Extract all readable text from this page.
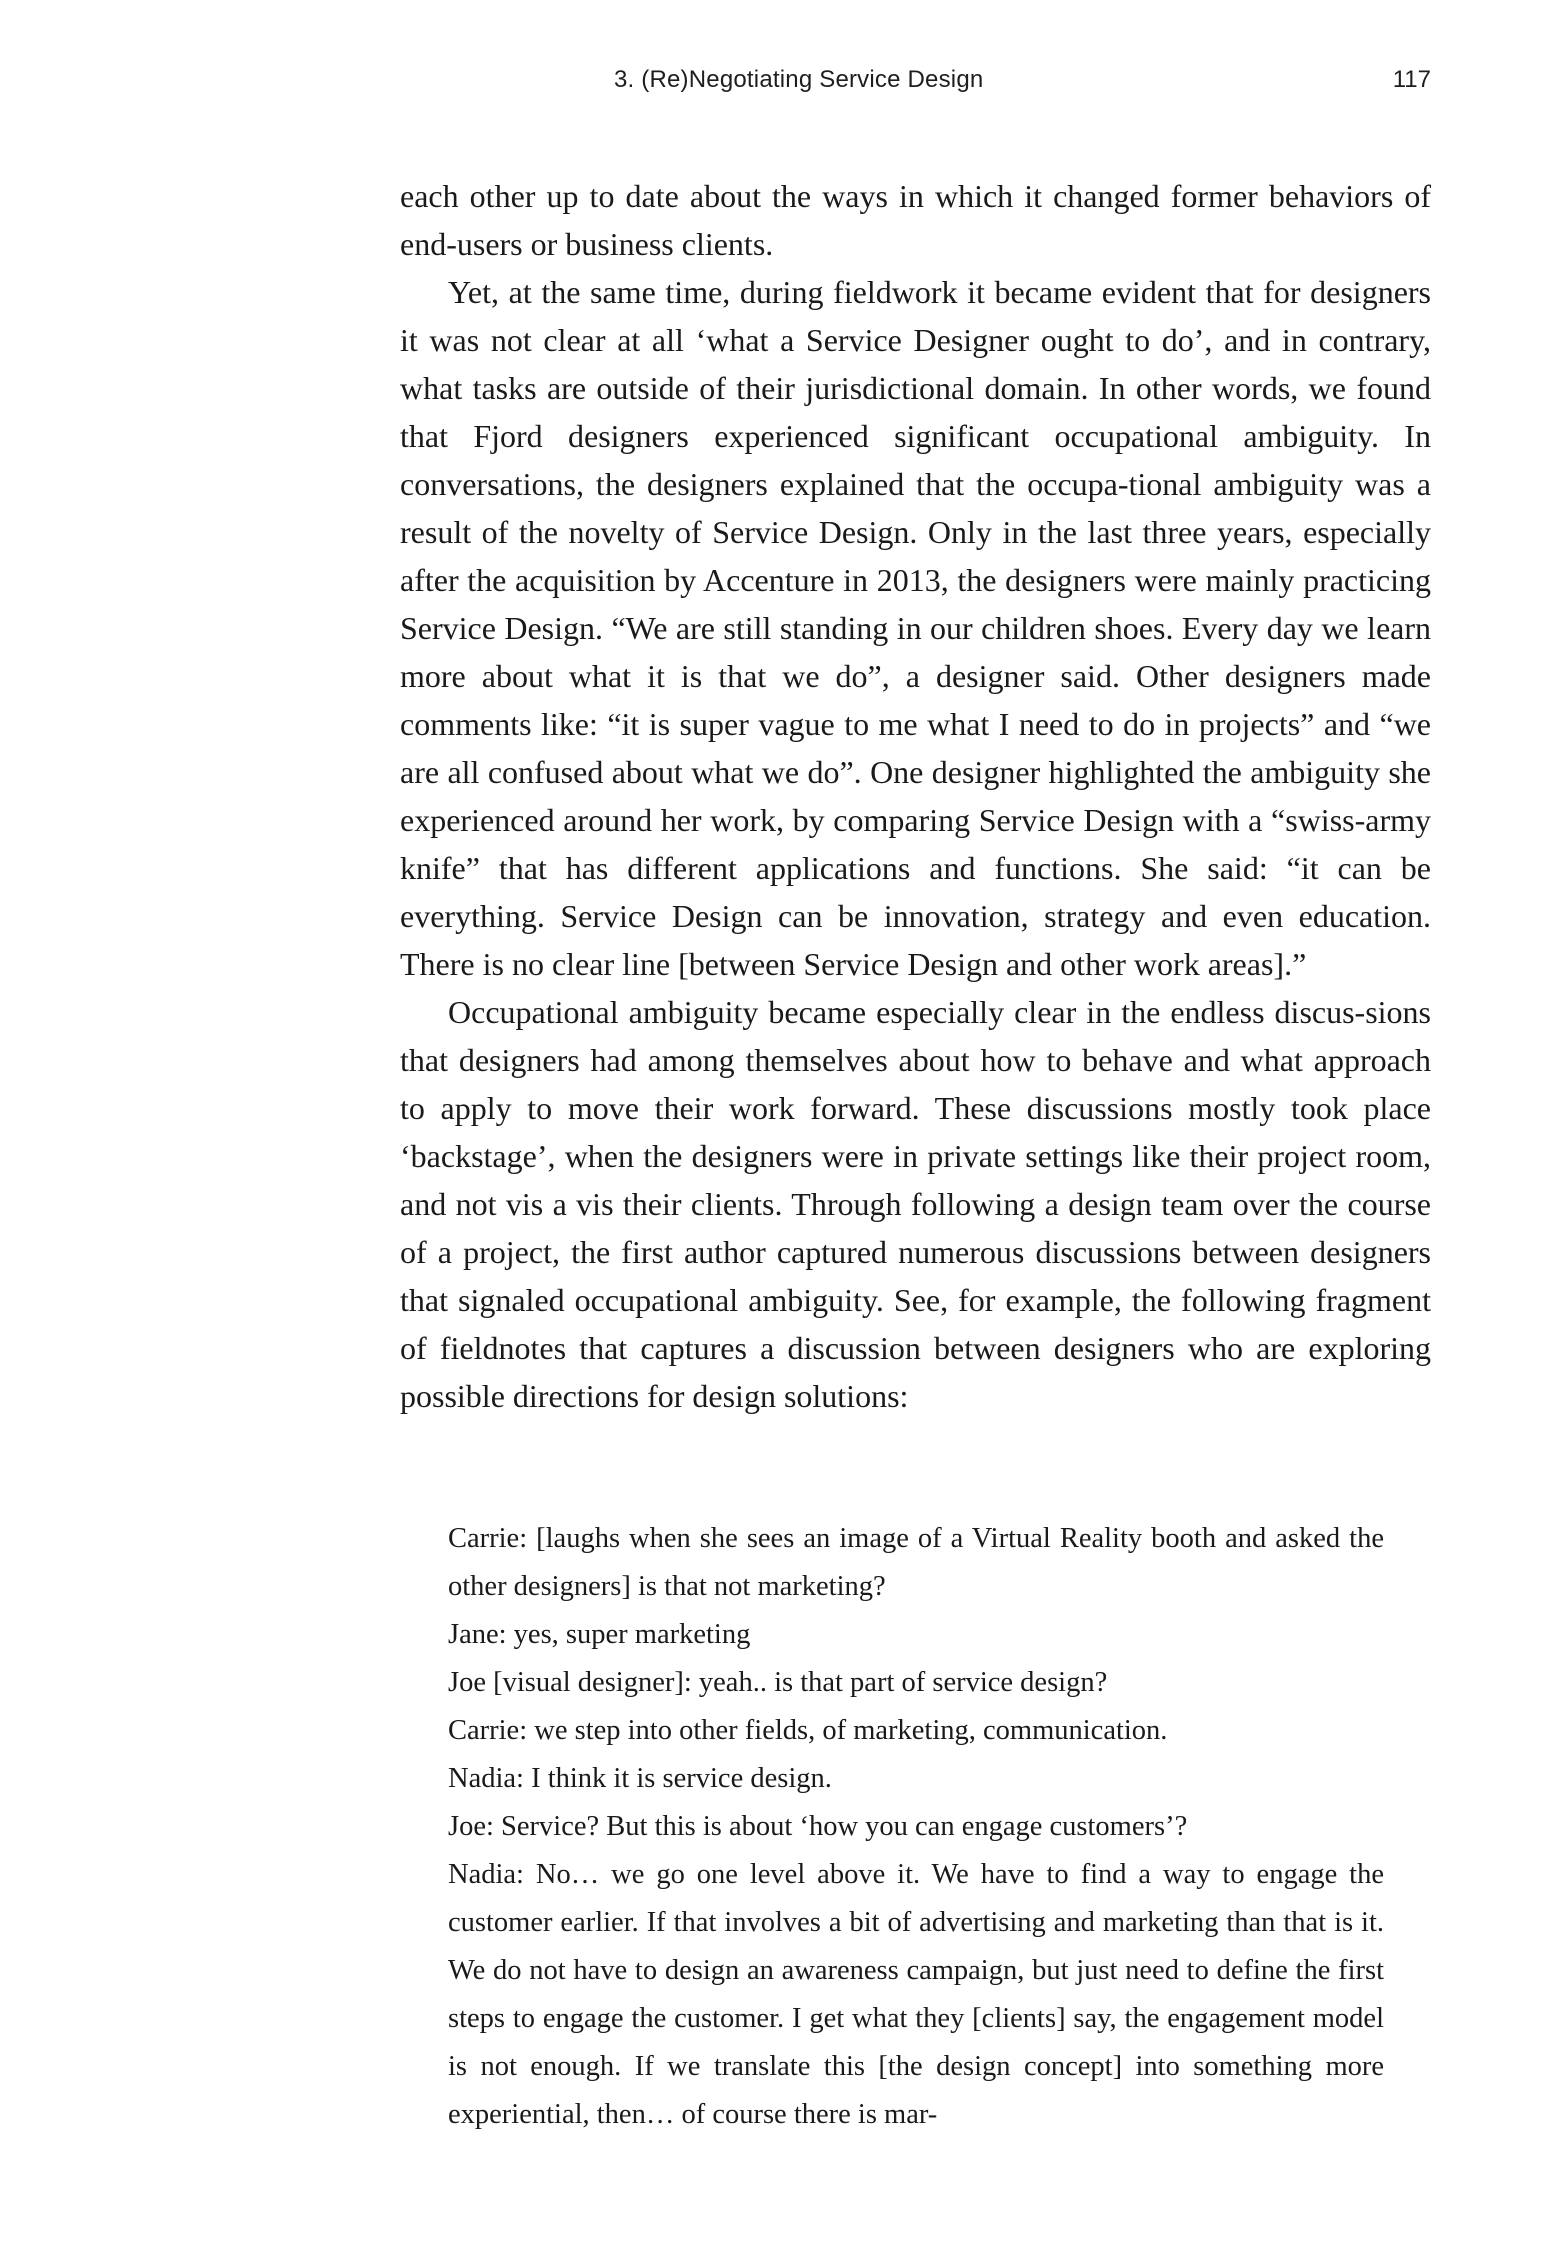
3. (Re)Negotiating Service Design	117

each other up to date about the ways in which it changed former behaviors of end-users or business clients.

Yet, at the same time, during fieldwork it became evident that for designers it was not clear at all ‘what a Service Designer ought to do’, and in contrary, what tasks are outside of their jurisdictional domain. In other words, we found that Fjord designers experienced significant occupational ambiguity. In conversations, the designers explained that the occupa-tional ambiguity was a result of the novelty of Service Design. Only in the last three years, especially after the acquisition by Accenture in 2013, the designers were mainly practicing Service Design. “We are still standing in our children shoes. Every day we learn more about what it is that we do”, a designer said. Other designers made comments like: “it is super vague to me what I need to do in projects” and “we are all confused about what we do”. One designer highlighted the ambiguity she experienced around her work, by comparing Service Design with a “swiss-army knife” that has different applications and functions. She said: “it can be everything. Service Design can be innovation, strategy and even education. There is no clear line [between Service Design and other work areas].”

Occupational ambiguity became especially clear in the endless discus-sions that designers had among themselves about how to behave and what approach to apply to move their work forward. These discussions mostly took place ‘backstage’, when the designers were in private settings like their project room, and not vis a vis their clients. Through following a design team over the course of a project, the first author captured numerous discussions between designers that signaled occupational ambiguity. See, for example, the following fragment of fieldnotes that captures a discussion between designers who are exploring possible directions for design solutions:

Carrie: [laughs when she sees an image of a Virtual Reality booth and asked the other designers] is that not marketing?

Jane: yes, super marketing

Joe [visual designer]: yeah.. is that part of service design?

Carrie: we step into other fields, of marketing, communication.

Nadia: I think it is service design.

Joe: Service? But this is about ‘how you can engage customers’?

Nadia: No… we go one level above it. We have to find a way to engage the customer earlier. If that involves a bit of advertising and marketing than that is it. We do not have to design an awareness campaign, but just need to define the first steps to engage the customer. I get what they [clients] say, the engagement model is not enough. If we translate this [the design concept] into something more experiential, then… of course there is mar-
